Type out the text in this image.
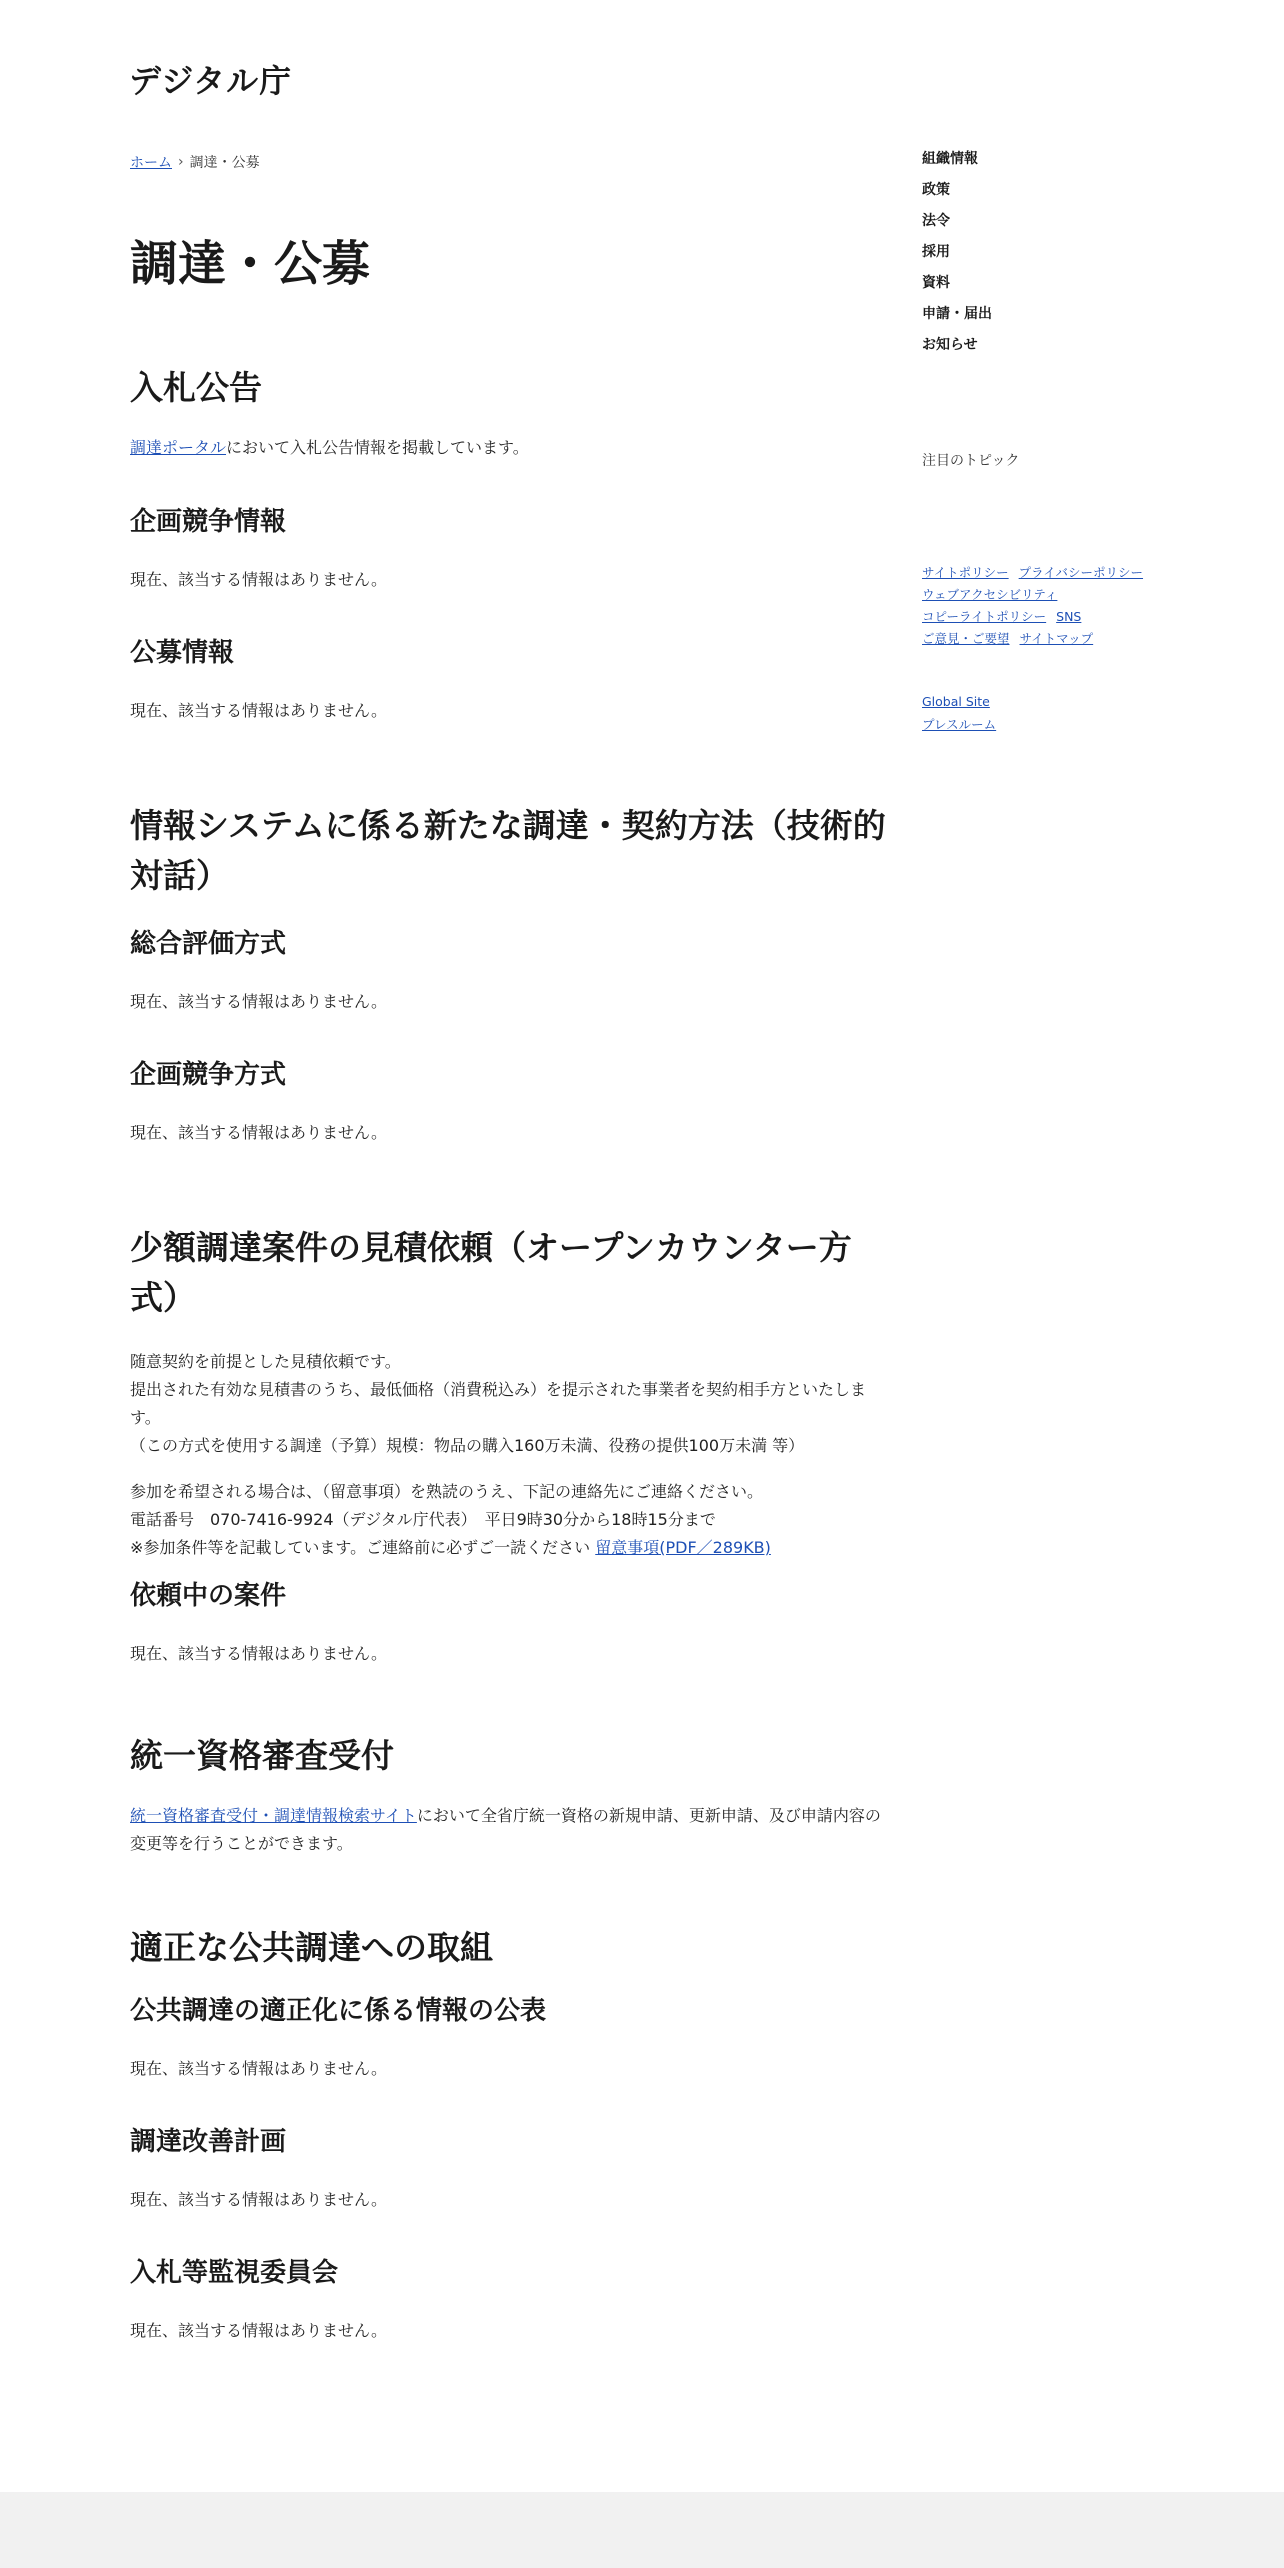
デジタル庁
ホーム › 調達・公募
調達・公募
入札公告

調達ポータルにおいて入札公告情報を掲載しています。

企画競争情報

現在、該当する情報はありません。

公募情報

現在、該当する情報はありません。

情報システムに係る新たな調達・契約方法（技術的対話）
総合評価方式

現在、該当する情報はありません。

企画競争方式

現在、該当する情報はありません。

少額調達案件の見積依頼（オープンカウンター方式）

随意契約を前提とした見積依頼です。
提出された有効な見積書のうち、最低価格（消費税込み）を提示された事業者を契約相手方といたします。
（この方式を使用する調達（予算）規模：物品の購入160万未満、役務の提供100万未満 等）

参加を希望される場合は、（留意事項）を熟読のうえ、下記の連絡先にご連絡ください。
電話番号　070-7416-9924（デジタル庁代表）　平日9時30分から18時15分まで
※参加条件等を記載しています。ご連絡前に必ずご一読ください 留意事項(PDF／289KB)

依頼中の案件

現在、該当する情報はありません。

統一資格審査受付

統一資格審査受付・調達情報検索サイトにおいて全省庁統一資格の新規申請、更新申請、及び申請内容の変更等を行うことができます。

適正な公共調達への取組
公共調達の適正化に係る情報の公表

現在、該当する情報はありません。

調達改善計画

現在、該当する情報はありません。

入札等監視委員会

現在、該当する情報はありません。

組織情報
政策
法令
採用
資料
申請・届出
お知らせ
注目のトピック
サイトポリシー プライバシーポリシー
ウェブアクセシビリティ
コピーライトポリシー SNS
ご意見・ご要望 サイトマップ
Global Site
プレスルーム
